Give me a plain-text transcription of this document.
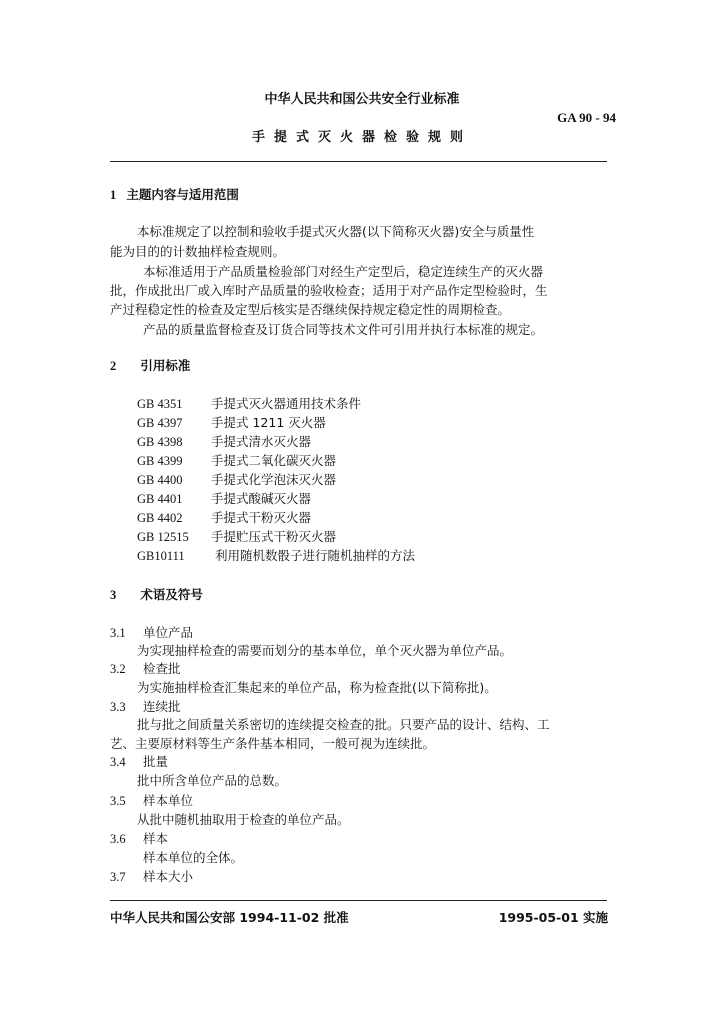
中华人民共和国公共安全行业标准
GA 90 - 94
手提式灭火器检验规则
1 主题内容与适用范围
本标准规定了以控制和验收手提式灭火器(以下简称灭火器)安全与质量性
能为目的的计数抽样检查规则。
本标准适用于产品质量检验部门对经生产定型后，稳定连续生产的灭火器
批，作成批出厂或入库时产品质量的验收检查；适用于对产品作定型检验时，生
产过程稳定性的检查及定型后核实是否继续保持规定稳定性的周期检查。
产品的质量监督检查及订货合同等技术文件可引用并执行本标准的规定。
2 引用标准
GB 4351 手提式灭火器通用技术条件
GB 4397 手提式 1211 灭火器
GB 4398 手提式清水灭火器
GB 4399 手提式二氧化碳灭火器
GB 4400 手提式化学泡沫灭火器
GB 4401 手提式酸碱灭火器
GB 4402 手提式干粉灭火器
GB 12515 手提贮压式干粉灭火器
GB10111 利用随机数骰子进行随机抽样的方法
3 术语及符号
3.1 单位产品
为实现抽样检查的需要而划分的基本单位，单个灭火器为单位产品。
3.2 检查批
为实施抽样检查汇集起来的单位产品，称为检查批(以下简称批)。
3.3 连续批
批与批之间质量关系密切的连续提交检查的批。只要产品的设计、结构、工
艺、主要原材料等生产条件基本相同，一般可视为连续批。
3.4 批量
批中所含单位产品的总数。
3.5 样本单位
从批中随机抽取用于检查的单位产品。
3.6 样本
样本单位的全体。
3.7 样本大小
中华人民共和国公安部 1994-11-02 批准	1995-05-01 实施
